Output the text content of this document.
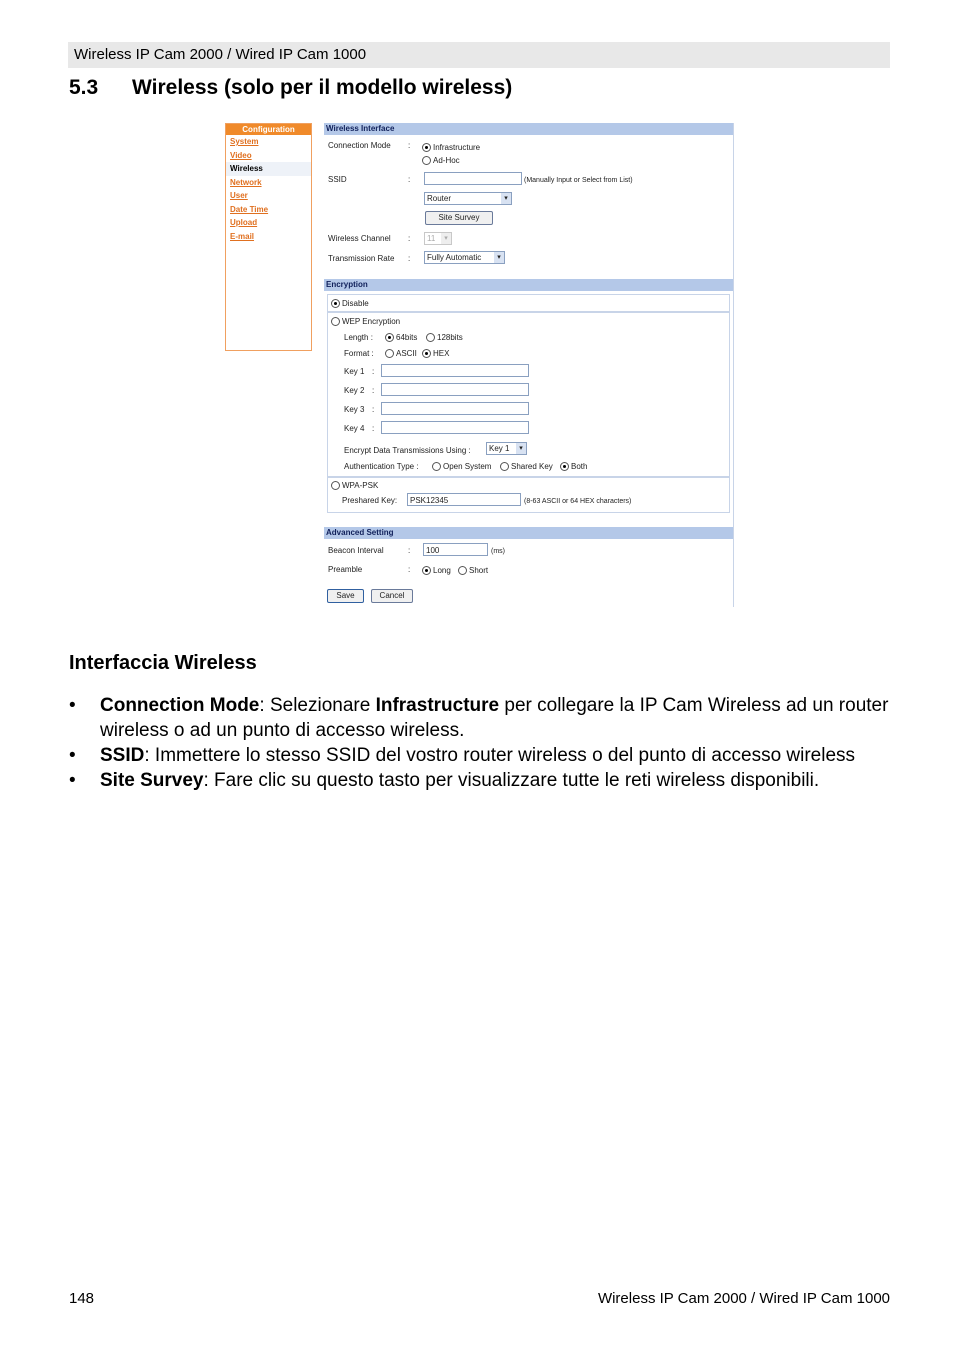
Wireless IP Cam 2000 / Wired IP Cam 1000
5.3 Wireless (solo per il modello wireless)
Configuration
System
Video
Wireless
Network
User
Date Time
Upload
E-mail
Wireless Interface
Connection Mode :	Infrastructure
Ad-Hoc
SSID	:	(Manually Input or Select from List)
Router	▾
Site Survey
Wireless Channel :	11	▾
Transmission Rate :	Fully Automatic	▾
Encryption
Disable
WEP Encryption
Length :	64bits	128bits
Format :	ASCII	HEX
Key 1 :
Key 2 :
Key 3 :
Key 4 :
Encrypt Data Transmissions Using :	Key 1	▾
Authentication Type :	Open System	Shared Key	Both
WPA-PSK
Preshared Key:	PSK12345	(8-63 ASCII or 64 HEX characters)
Advanced Setting
Beacon Interval	:	100	(ms)
Preamble	:	Long	Short
Save	Cancel
Interfaccia Wireless
• Connection Mode: Selezionare Infrastructure per collegare la IP Cam Wireless ad un router wireless o ad un punto di accesso wireless.
• SSID: Immettere lo stesso SSID del vostro router wireless o del punto di accesso wireless
• Site Survey: Fare clic su questo tasto per visualizzare tutte le reti wireless disponibili.
148	Wireless IP Cam 2000 / Wired IP Cam 1000
